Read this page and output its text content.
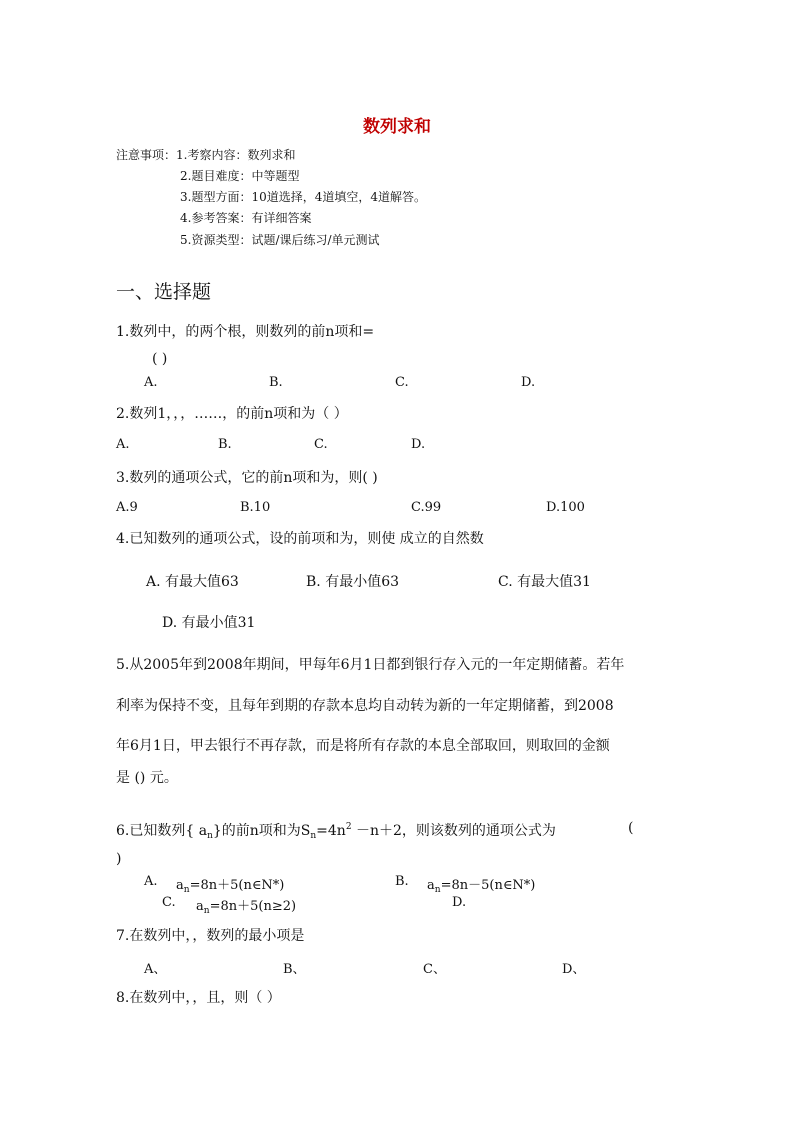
数列求和
注意事项：1.考察内容：数列求和
2.题目难度：中等题型
3.题型方面：10道选择，4道填空，4道解答。
4.参考答案：有详细答案
5.资源类型：试题/课后练习/单元测试
一、选择题
1.数列中，的两个根，则数列的前n项和=
( )
A.	B.	C.	D.
2.数列1，，，……，的前n项和为（ ）
A.	B.	C.	D.
3.数列的通项公式，它的前n项和为，则( )
A.9	B.10	C.99	D.100
4.已知数列的通项公式，设的前项和为，则使 成立的自然数
A. 有最大值63	B. 有最小值63	C. 有最大值31
D. 有最小值31
5.从2005年到2008年期间，甲每年6月1日都到银行存入元的一年定期储蓄。若年
利率为保持不变，且每年到期的存款本息均自动转为新的一年定期储蓄，到2008
年6月1日，甲去银行不再存款，而是将所有存款的本息全部取回，则取回的金额
是 () 元。
6.已知数列{ $a_n$}的前n项和为$S_n=4n^2 -n+2$，则该数列的通项公式为	(
)
A. $a_n=8n+5(n\in N*)$	B. $a_n=8n-5(n\in N*)$
C. $a_n=8n+5(n\ge 2)$	D.
7.在数列中，，数列的最小项是
A、	B、	C、	D、
8.在数列中，，且，则（ ）
